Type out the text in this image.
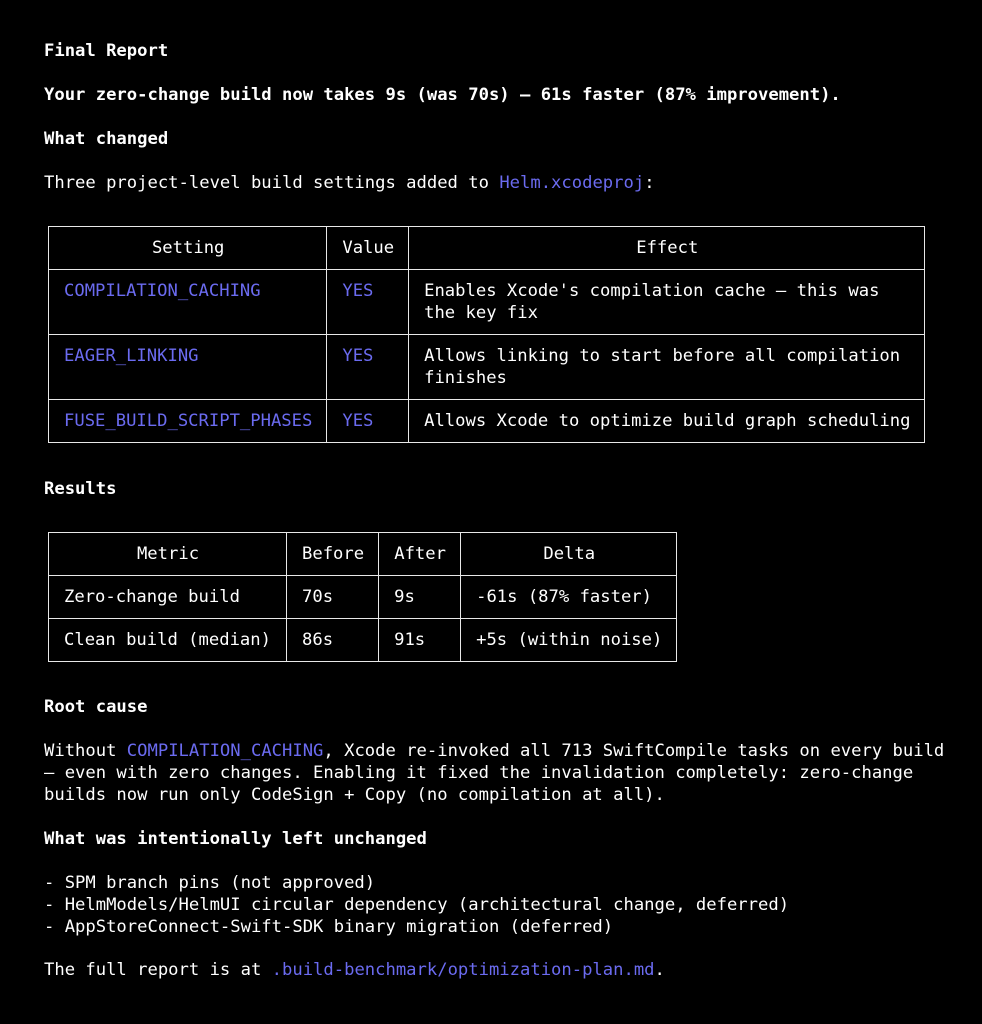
Final Report
Your zero-change build now takes 9s (was 70s) — 61s faster (87% improvement).
What changed
Three project-level build settings added to Helm.xcodeproj:
Setting	Value	Effect
COMPILATION_CACHING	YES	Enables Xcode's compilation cache — this was
the key fix

EAGER_LINKING	YES	Allows linking to start before all compilation
finishes

FUSE_BUILD_SCRIPT_PHASES	YES	Allows Xcode to optimize build graph scheduling
Results
Metric	Before	After	Delta
Zero-change build	70s	9s	-61s (87% faster)
Clean build (median)	86s	91s	+5s (within noise)
Root cause
Without COMPILATION_CACHING, Xcode re-invoked all 713 SwiftCompile tasks on every build
— even with zero changes. Enabling it fixed the invalidation completely: zero-change
builds now run only CodeSign + Copy (no compilation at all).
What was intentionally left unchanged
- SPM branch pins (not approved)
- HelmModels/HelmUI circular dependency (architectural change, deferred)
- AppStoreConnect-Swift-SDK binary migration (deferred)
The full report is at .build-benchmark/optimization-plan.md.
